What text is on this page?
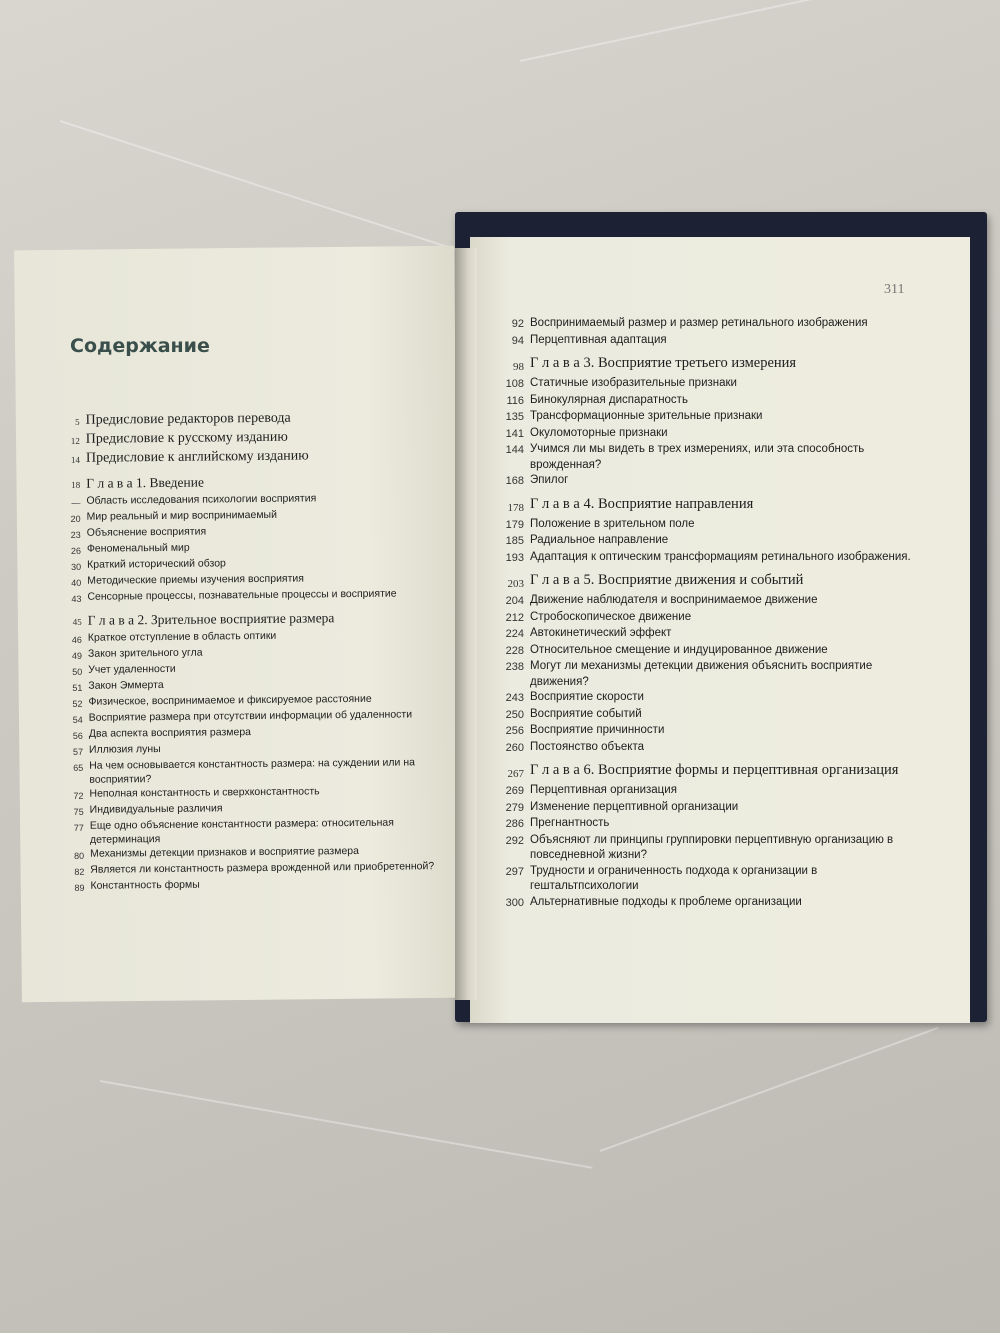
Содержание
311
5 Предисловие редакторов перевода
12 Предисловие к русскому изданию
14 Предисловие к английскому изданию
18 Г л а в а 1. Введение
— Область исследования психологии восприятия
20 Мир реальный и мир воспринимаемый
23 Объяснение восприятия
26 Феноменальный мир
30 Краткий исторический обзор
40 Методические приемы изучения восприятия
43 Сенсорные процессы, познавательные процессы и восприятие
45 Г л а в а 2. Зрительное восприятие размера
46 Краткое отступление в область оптики
49 Закон зрительного угла
50 Учет удаленности
51 Закон Эммерта
52 Физическое, воспринимаемое и фиксируемое расстояние
54 Восприятие размера при отсутствии информации об удаленности
56 Два аспекта восприятия размера
57 Иллюзия луны
65 На чем основывается константность размера: на суждении или на восприятии?
72 Неполная константность и сверхконстантность
75 Индивидуальные различия
77 Еще одно объяснение константности размера: относительная детерминация
80 Механизмы детекции признаков и восприятие размера
82 Является ли константность размера врожденной или приобретенной?
89 Константность формы
92 Воспринимаемый размер и размер ретинального изображения
94 Перцептивная адаптация
98 Г л а в а 3. Восприятие третьего измерения
108 Статичные изобразительные признаки
116 Бинокулярная диспаратность
135 Трансформационные зрительные признаки
141 Окуломоторные признаки
144 Учимся ли мы видеть в трех измерениях, или эта способность врожденная?
168 Эпилог
178 Г л а в а 4. Восприятие направления
179 Положение в зрительном поле
185 Радиальное направление
193 Адаптация к оптическим трансформациям ретинального изображения.
203 Г л а в а 5. Восприятие движения и событий
204 Движение наблюдателя и воспринимаемое движение
212 Стробоскопическое движение
224 Автокинетический эффект
228 Относительное смещение и индуцированное движение
238 Могут ли механизмы детекции движения объяснить восприятие движения?
243 Восприятие скорости
250 Восприятие событий
256 Восприятие причинности
260 Постоянство объекта
267 Г л а в а 6. Восприятие формы и перцептивная организация
269 Перцептивная организация
279 Изменение перцептивной организации
286 Прегнантность
292 Объясняют ли принципы группировки перцептивную организацию в повседневной жизни?
297 Трудности и ограниченность подхода к организации в гештальтпсихологии
300 Альтернативные подходы к проблеме организации
